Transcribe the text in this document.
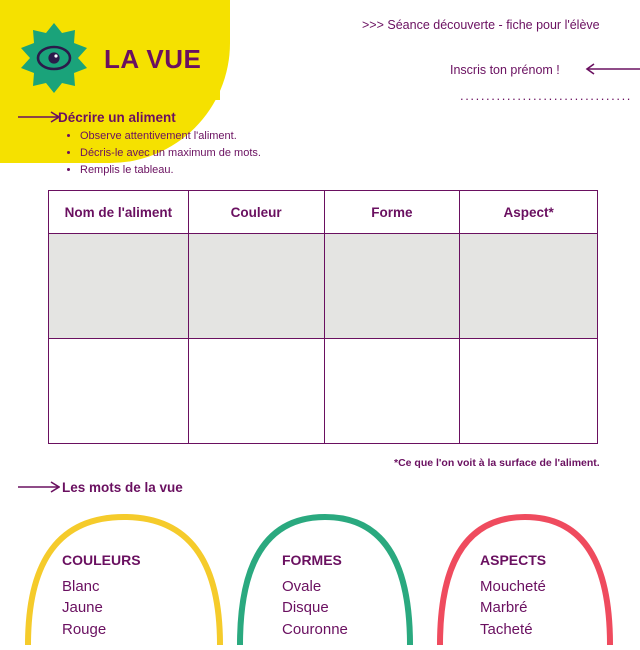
LA VUE
>>> Séance découverte - fiche pour l'élève
Inscris ton prénom !
.................................
Décrire un aliment
• Observe attentivement l'aliment.
• Décris-le avec un maximum de mots.
• Remplis le tableau.
Nom de l'aliment	Couleur	Forme	Aspect*

*Ce que l'on voit à la surface de l'aliment.
Les mots de la vue
COULEURS
Blanc
Jaune
Rouge
FORMES
Ovale
Disque
Couronne
ASPECTS
Moucheté
Marbré
Tacheté
